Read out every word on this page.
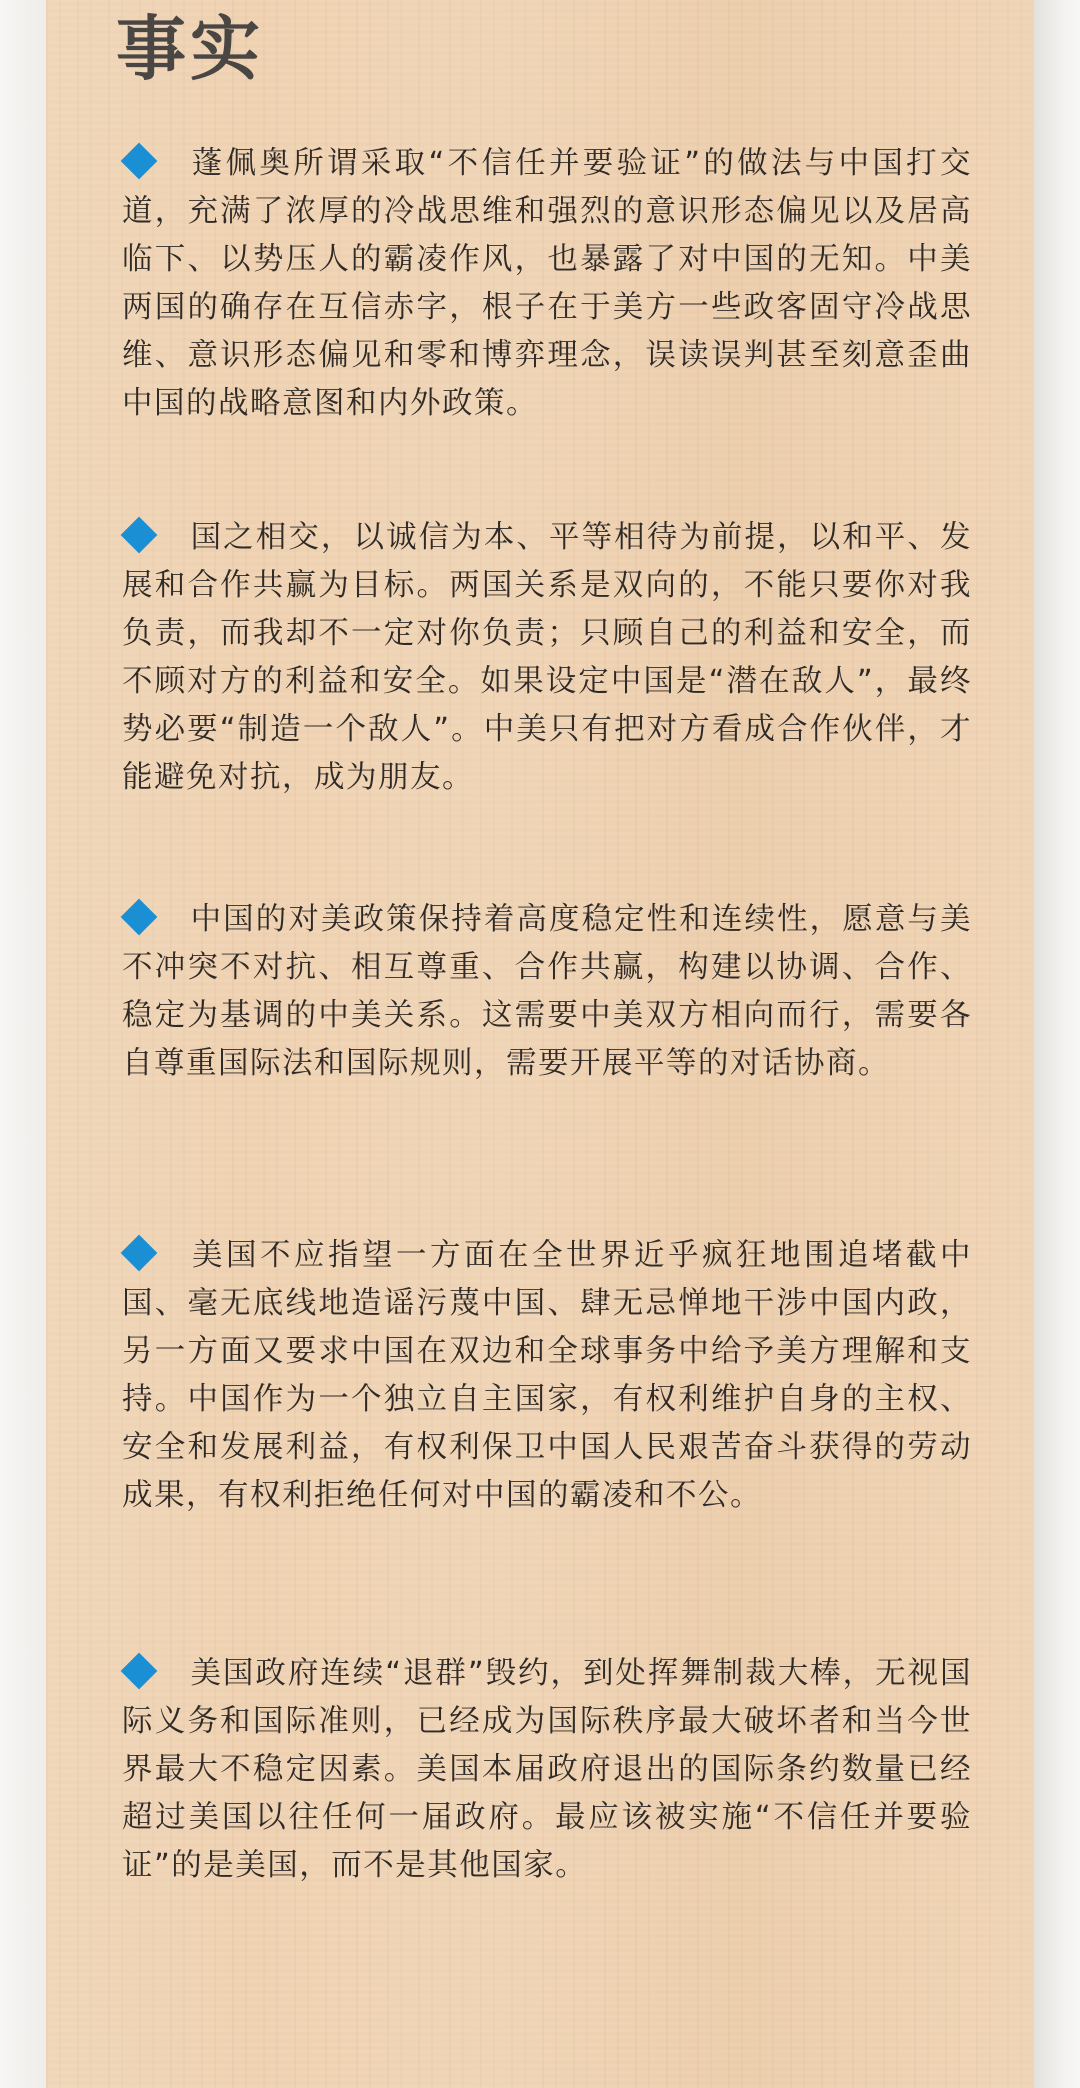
事实

蓬佩奥所谓采取“不信任并要验证”的做法与中国打交道，充满了浓厚的冷战思维和强烈的意识形态偏见以及居高临下、以势压人的霸凌作风，也暴露了对中国的无知。中美两国的确存在互信赤字，根子在于美方一些政客固守冷战思维、意识形态偏见和零和博弈理念，误读误判甚至刻意歪曲中国的战略意图和内外政策。

国之相交，以诚信为本、平等相待为前提，以和平、发展和合作共赢为目标。两国关系是双向的，不能只要你对我负责，而我却不一定对你负责；只顾自己的利益和安全，而不顾对方的利益和安全。如果设定中国是“潜在敌人”，最终势必要“制造一个敌人”。中美只有把对方看成合作伙伴，才能避免对抗，成为朋友。

中国的对美政策保持着高度稳定性和连续性，愿意与美不冲突不对抗、相互尊重、合作共赢，构建以协调、合作、稳定为基调的中美关系。这需要中美双方相向而行，需要各自尊重国际法和国际规则，需要开展平等的对话协商。

美国不应指望一方面在全世界近乎疯狂地围追堵截中国、毫无底线地造谣污蔑中国、肆无忌惮地干涉中国内政，另一方面又要求中国在双边和全球事务中给予美方理解和支持。中国作为一个独立自主国家，有权利维护自身的主权、安全和发展利益，有权利保卫中国人民艰苦奋斗获得的劳动成果，有权利拒绝任何对中国的霸凌和不公。

美国政府连续“退群”毁约，到处挥舞制裁大棒，无视国际义务和国际准则，已经成为国际秩序最大破坏者和当今世界最大不稳定因素。美国本届政府退出的国际条约数量已经超过美国以往任何一届政府。最应该被实施“不信任并要验证”的是美国，而不是其他国家。
